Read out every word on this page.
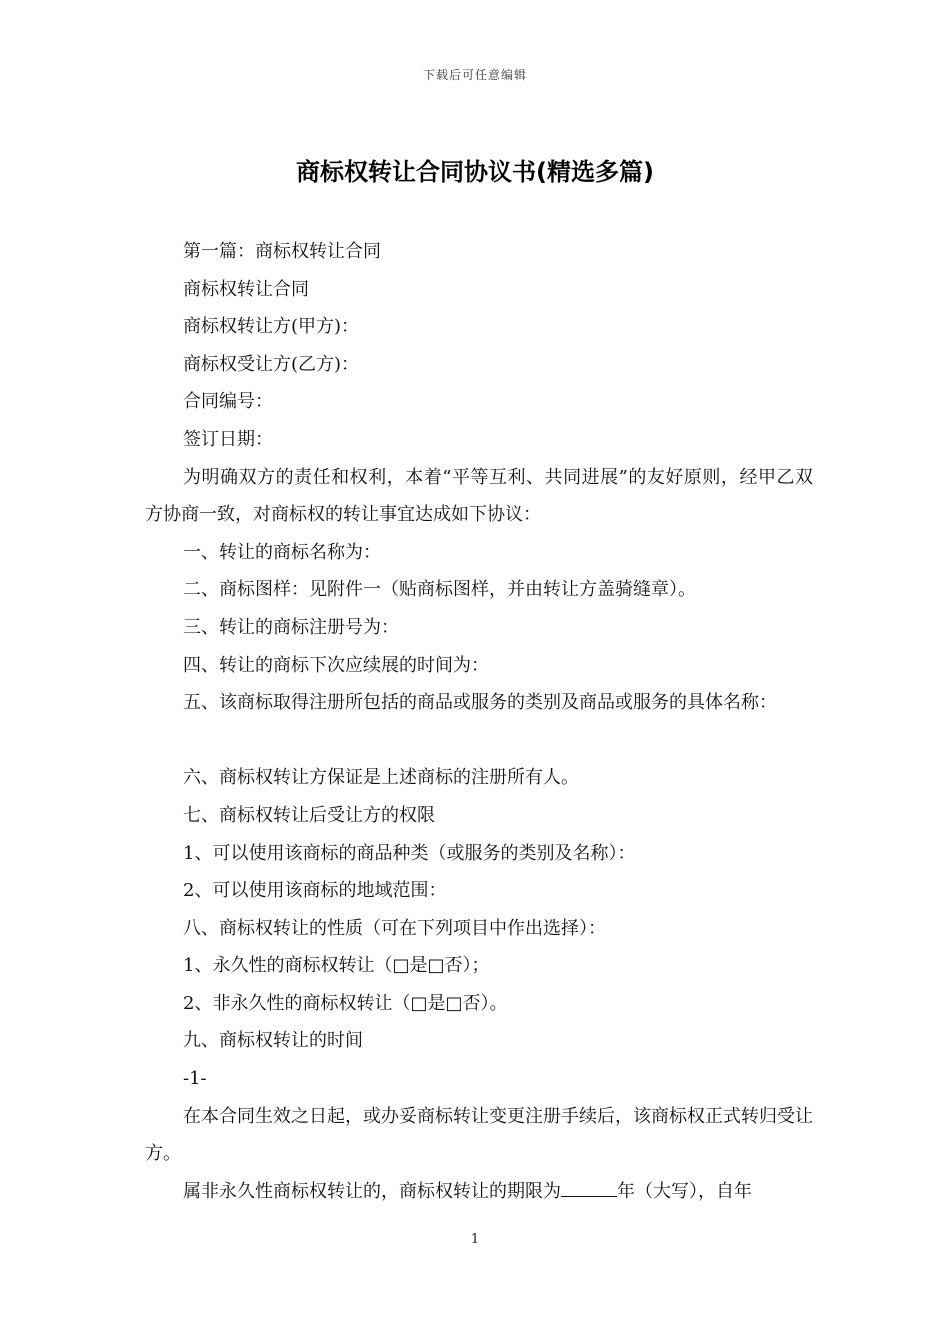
下载后可任意编辑
商标权转让合同协议书(精选多篇)

第一篇：商标权转让合同

商标权转让合同

商标权转让方(甲方)：

商标权受让方(乙方)：

合同编号：

签订日期：

为明确双方的责任和权利，本着“平等互利、共同进展”的友好原则，经甲乙双方协商一致，对商标权的转让事宜达成如下协议：

一、转让的商标名称为：

二、商标图样：见附件一（贴商标图样，并由转让方盖骑缝章）。

三、转让的商标注册号为：

四、转让的商标下次应续展的时间为：

五、该商标取得注册所包括的商品或服务的类别及商品或服务的具体名称：

六、商标权转让方保证是上述商标的注册所有人。

七、商标权转让后受让方的权限

1、可以使用该商标的商品种类（或服务的类别及名称）：

2、可以使用该商标的地域范围：

八、商标权转让的性质（可在下列项目中作出选择）：

1、永久性的商标权转让（□是□否）；

2、非永久性的商标权转让（□是□否）。

九、商标权转让的时间

-1-

在本合同生效之日起，或办妥商标转让变更注册手续后，该商标权正式转归受让方。

属非永久性商标权转让的，商标权转让的期限为	年（大写），自年

1
